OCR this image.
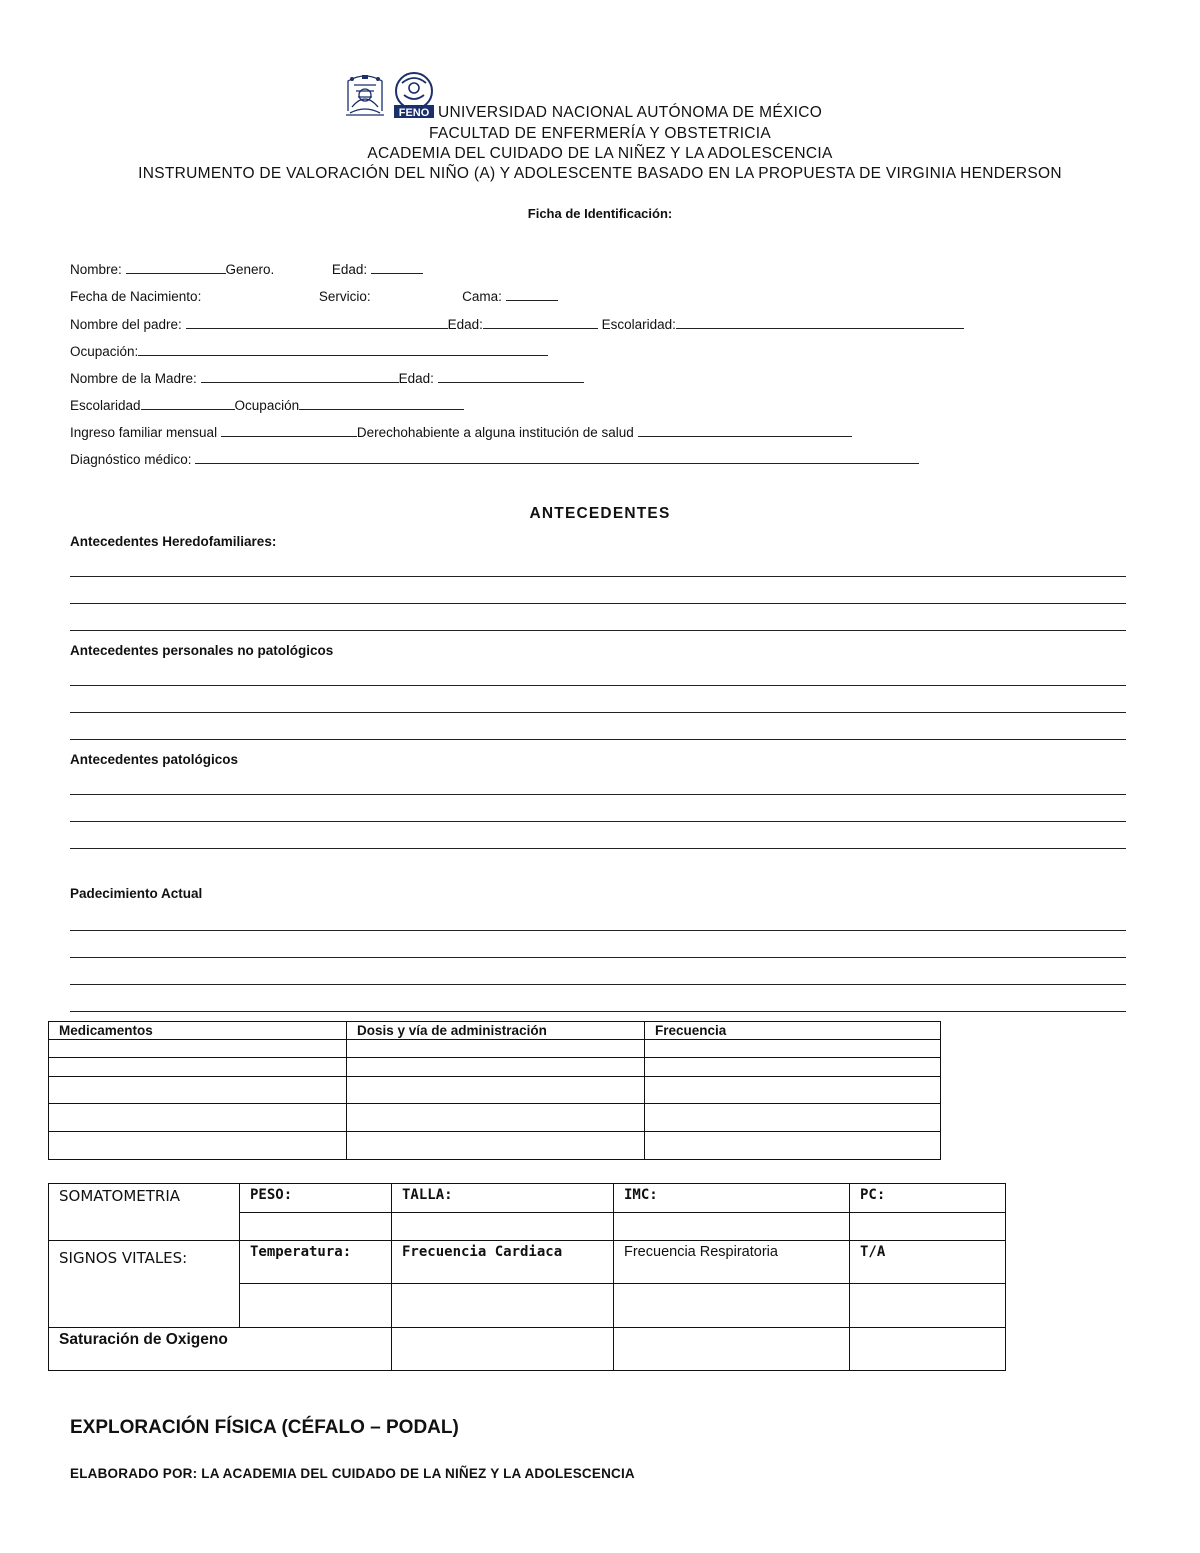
FENO UNIVERSIDAD NACIONAL AUTÓNOMA DE MÉXICO
FACULTAD DE ENFERMERÍA Y OBSTETRICIA
ACADEMIA DEL CUIDADO DE LA NIÑEZ Y LA ADOLESCENCIA
INSTRUMENTO DE VALORACIÓN DEL NIÑO (A) Y ADOLESCENTE BASADO EN LA PROPUESTA DE VIRGINIA HENDERSON
Ficha de Identificación:
Nombre:	Genero.	Edad:
Fecha de Nacimiento:	Servicio:	Cama:
Nombre del padre:	Edad:	Escolaridad:
Ocupación:
Nombre de la Madre:	Edad:
Escolaridad	Ocupación
Ingreso familiar mensual	Derechohabiente a alguna institución de salud
Diagnóstico médico:
ANTECEDENTES
Antecedentes Heredofamiliares:
Antecedentes personales no patológicos
Antecedentes patológicos
Padecimiento Actual
Medicamentos	Dosis y vía de administración	Frecuencia

SOMATOMETRIA	PESO:	TALLA:	IMC:	PC:

SIGNOS VITALES:	Temperatura:	Frecuencia Cardiaca	Frecuencia Respiratoria	T/A

Saturación de Oxigeno				
EXPLORACIÓN FÍSICA (CÉFALO – PODAL)
ELABORADO POR: LA ACADEMIA DEL CUIDADO DE LA NIÑEZ Y LA ADOLESCENCIA
